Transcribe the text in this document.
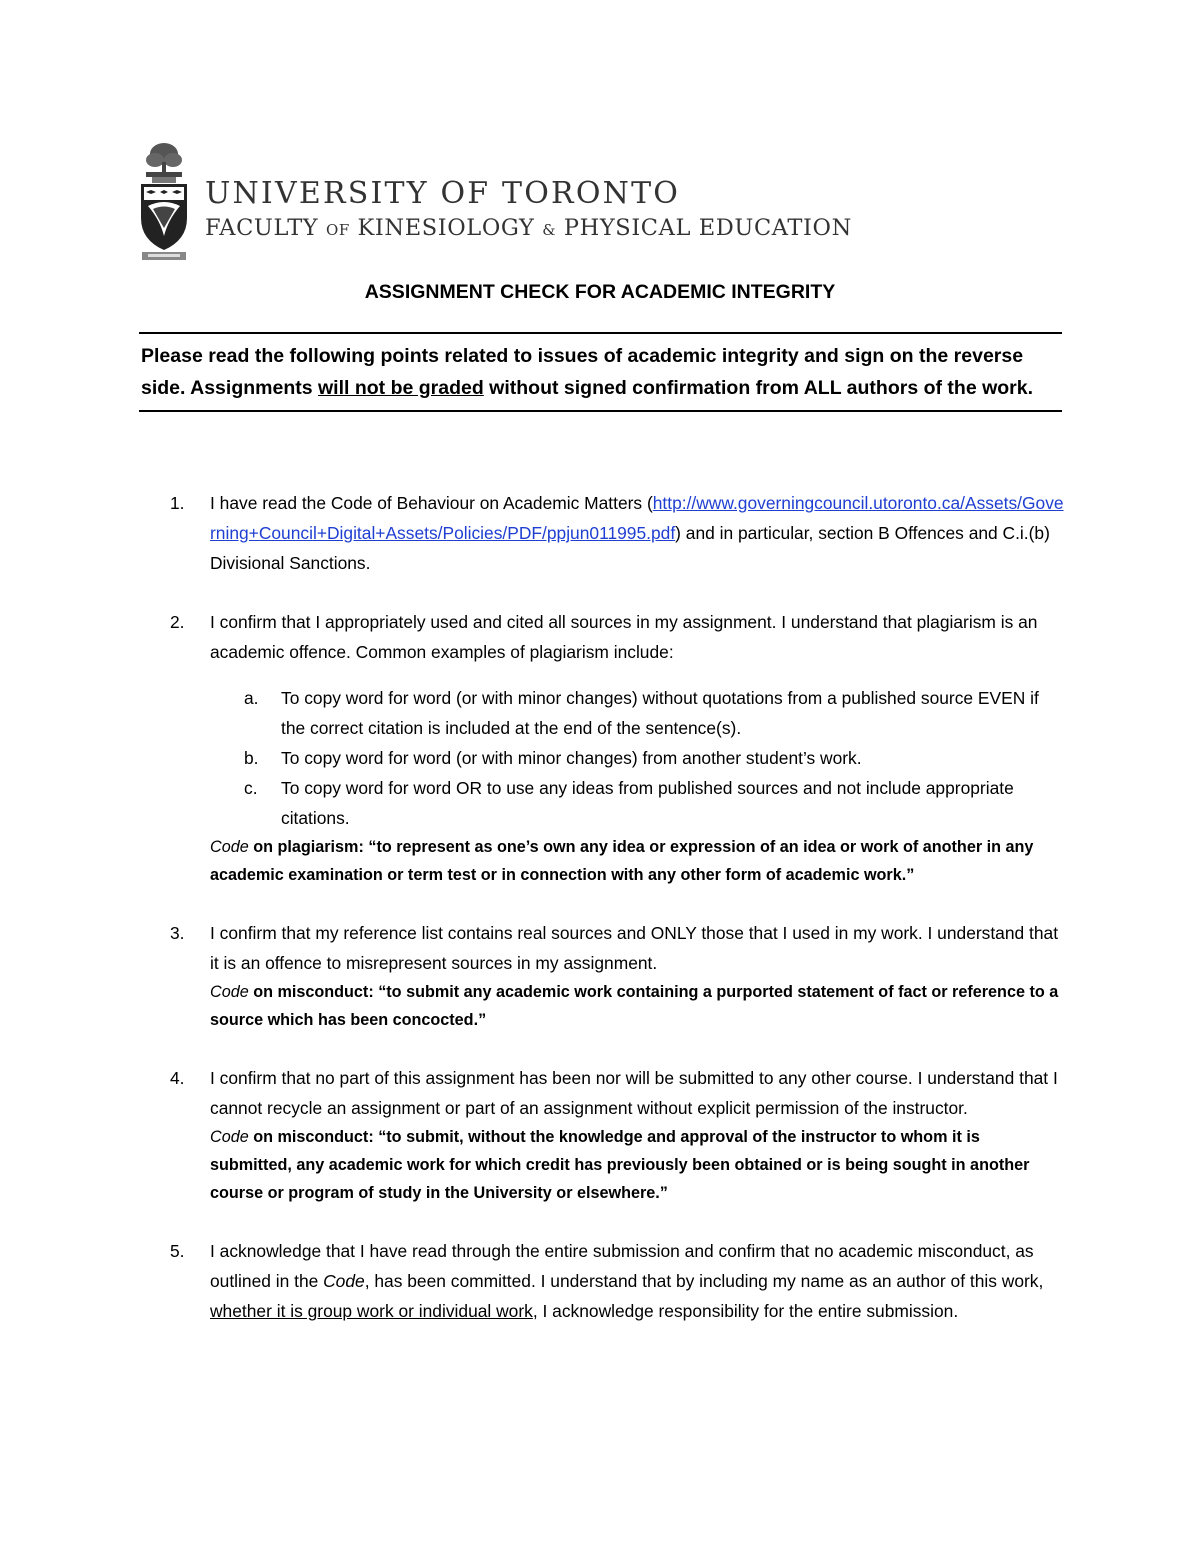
UNIVERSITY OF TORONTO
FACULTY OF KINESIOLOGY & PHYSICAL EDUCATION
ASSIGNMENT CHECK FOR ACADEMIC INTEGRITY
Please read the following points related to issues of academic integrity and sign on the reverse side. Assignments will not be graded without signed confirmation from ALL authors of the work.
1. I have read the Code of Behaviour on Academic Matters (http://www.governingcouncil.utoronto.ca/Assets/Governing+Council+Digital+Assets/Policies/PDF/ppjun011995.pdf) and in particular, section B Offences and C.i.(b) Divisional Sanctions.
2. I confirm that I appropriately used and cited all sources in my assignment. I understand that plagiarism is an academic offence. Common examples of plagiarism include:
a. To copy word for word (or with minor changes) without quotations from a published source EVEN if the correct citation is included at the end of the sentence(s).
b. To copy word for word (or with minor changes) from another student’s work.
c. To copy word for word OR to use any ideas from published sources and not include appropriate citations.
Code on plagiarism: “to represent as one’s own any idea or expression of an idea or work of another in any academic examination or term test or in connection with any other form of academic work.”
3. I confirm that my reference list contains real sources and ONLY those that I used in my work. I understand that it is an offence to misrepresent sources in my assignment.
Code on misconduct: “to submit any academic work containing a purported statement of fact or reference to a source which has been concocted.”
4. I confirm that no part of this assignment has been nor will be submitted to any other course. I understand that I cannot recycle an assignment or part of an assignment without explicit permission of the instructor.
Code on misconduct: “to submit, without the knowledge and approval of the instructor to whom it is submitted, any academic work for which credit has previously been obtained or is being sought in another course or program of study in the University or elsewhere.”
5. I acknowledge that I have read through the entire submission and confirm that no academic misconduct, as outlined in the Code, has been committed. I understand that by including my name as an author of this work, whether it is group work or individual work, I acknowledge responsibility for the entire submission.
